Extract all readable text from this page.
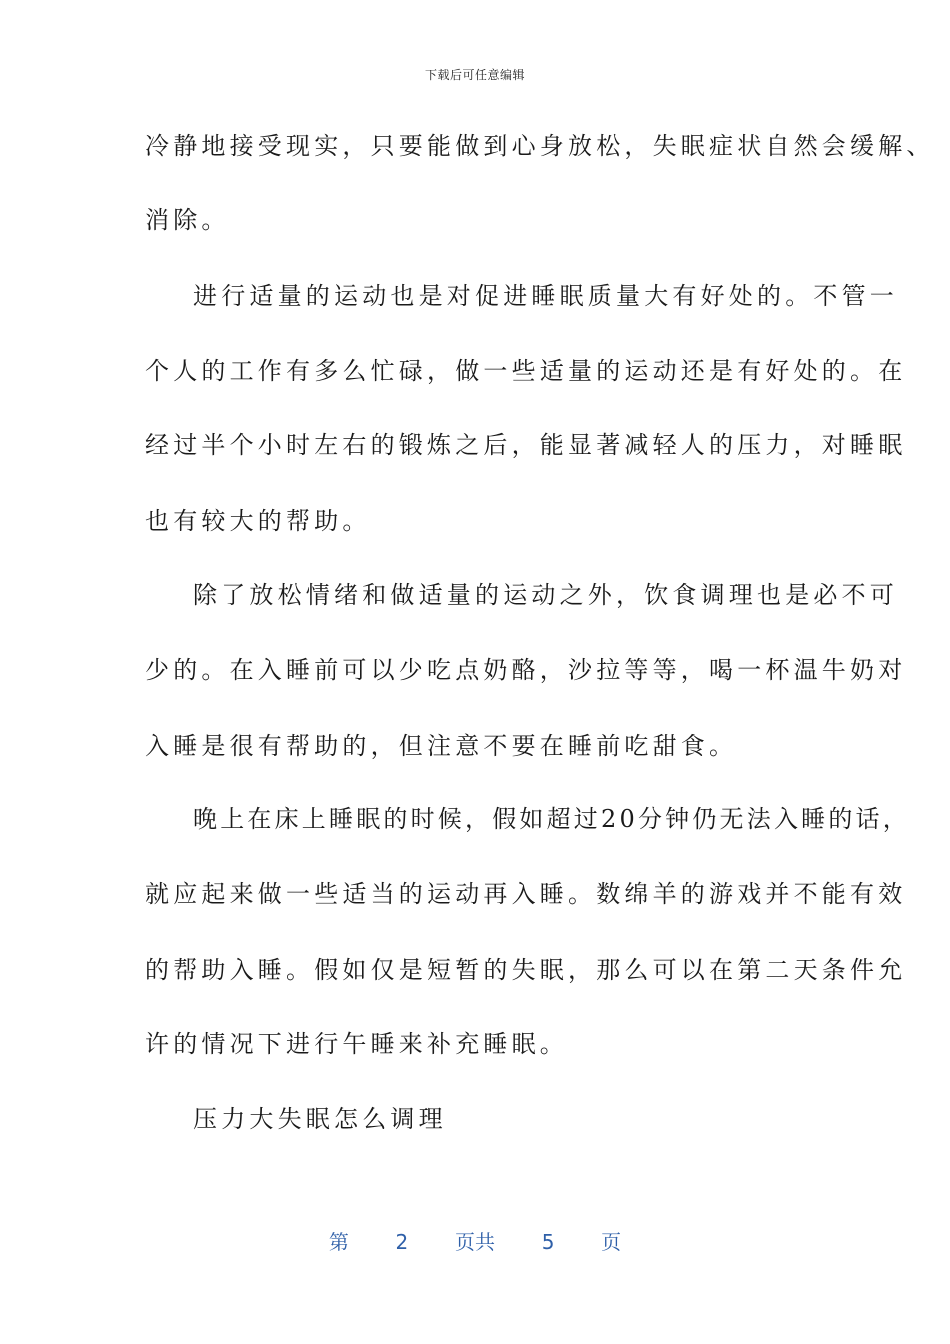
下载后可任意编辑
冷静地接受现实，只要能做到心身放松，失眠症状自然会缓解、
消除。
进行适量的运动也是对促进睡眠质量大有好处的。不管一
个人的工作有多么忙碌，做一些适量的运动还是有好处的。在
经过半个小时左右的锻炼之后，能显著减轻人的压力，对睡眠
也有较大的帮助。
除了放松情绪和做适量的运动之外，饮食调理也是必不可
少的。在入睡前可以少吃点奶酪，沙拉等等，喝一杯温牛奶对
入睡是很有帮助的，但注意不要在睡前吃甜食。
晚上在床上睡眠的时候，假如超过20分钟仍无法入睡的话，
就应起来做一些适当的运动再入睡。数绵羊的游戏并不能有效
的帮助入睡。假如仅是短暂的失眠，那么可以在第二天条件允
许的情况下进行午睡来补充睡眠。
压力大失眠怎么调理
第 2 页共 5 页
